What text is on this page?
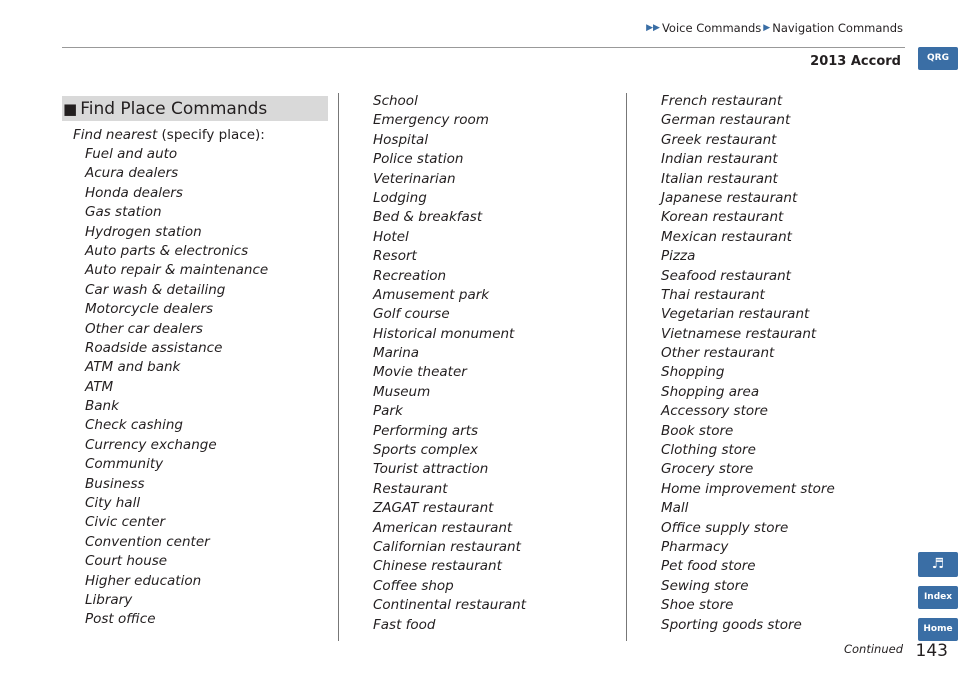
▶▶ Voice Commands ▶ Navigation Commands
2013 Accord	QRG
♬
Index
Home
■ Find Place Commands
Find nearest (specify place):
Fuel and auto
Acura dealers
Honda dealers
Gas station
Hydrogen station
Auto parts & electronics
Auto repair & maintenance
Car wash & detailing
Motorcycle dealers
Other car dealers
Roadside assistance
ATM and bank
ATM
Bank
Check cashing
Currency exchange
Community
Business
City hall
Civic center
Convention center
Court house
Higher education
Library
Post office
School
Emergency room
Hospital
Police station
Veterinarian
Lodging
Bed & breakfast
Hotel
Resort
Recreation
Amusement park
Golf course
Historical monument
Marina
Movie theater
Museum
Park
Performing arts
Sports complex
Tourist attraction
Restaurant
ZAGAT restaurant
American restaurant
Californian restaurant
Chinese restaurant
Coffee shop
Continental restaurant
Fast food
French restaurant
German restaurant
Greek restaurant
Indian restaurant
Italian restaurant
Japanese restaurant
Korean restaurant
Mexican restaurant
Pizza
Seafood restaurant
Thai restaurant
Vegetarian restaurant
Vietnamese restaurant
Other restaurant
Shopping
Shopping area
Accessory store
Book store
Clothing store
Grocery store
Home improvement store
Mall
Office supply store
Pharmacy
Pet food store
Sewing store
Shoe store
Sporting goods store
Continued 143
